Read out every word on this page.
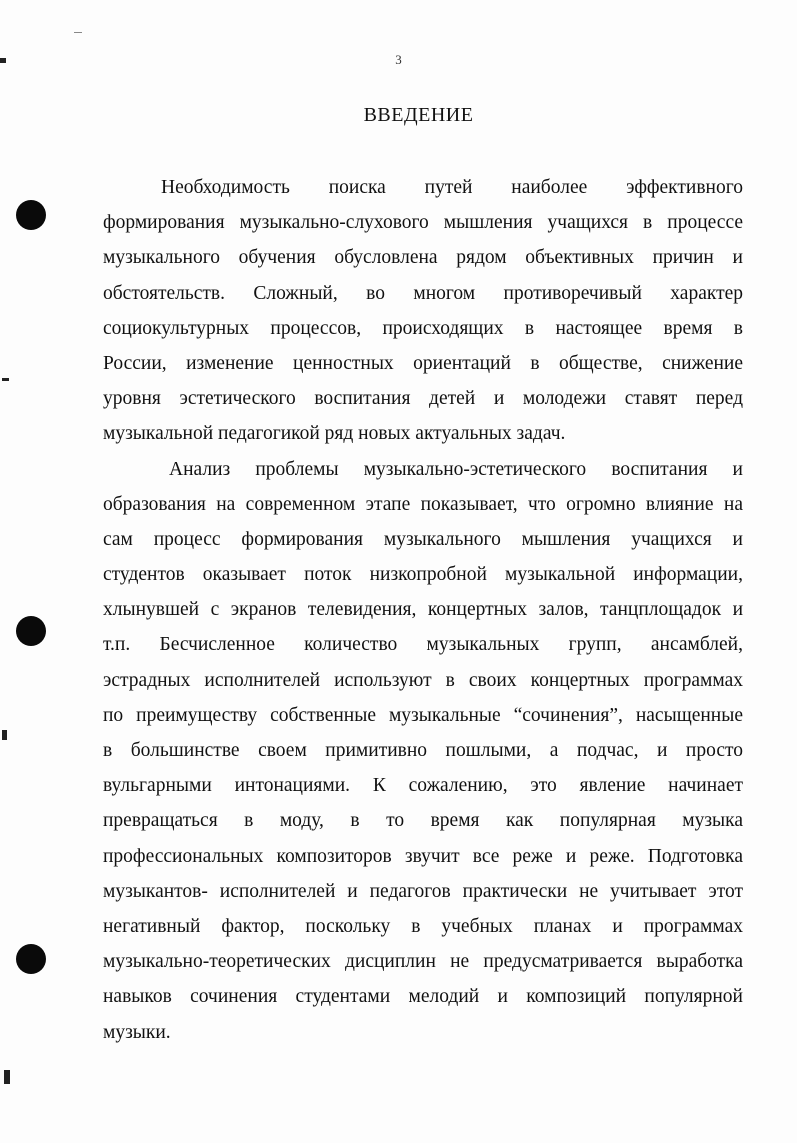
3
ВВЕДЕНИЕ
Необходимость поиска путей наиболее эффективного
формирования музыкально-слухового мышления учащихся в процессе
музыкального обучения обусловлена рядом объективных причин и
обстоятельств. Сложный, во многом противоречивый характер
социокультурных процессов, происходящих в настоящее время в
России, изменение ценностных ориентаций в обществе, снижение
уровня эстетического воспитания детей и молодежи ставят перед
музыкальной педагогикой ряд новых актуальных задач.
Анализ проблемы музыкально-эстетического воспитания и
образования на современном этапе показывает, что огромно влияние на
сам процесс формирования музыкального мышления учащихся и
студентов оказывает поток низкопробной музыкальной информации,
хлынувшей с экранов телевидения, концертных залов, танцплощадок и
т.п. Бесчисленное количество музыкальных групп, ансамблей,
эстрадных исполнителей используют в своих концертных программах
по преимуществу собственные музыкальные “сочинения”, насыщенные
в большинстве своем примитивно пошлыми, а подчас, и просто
вульгарными интонациями. К сожалению, это явление начинает
превращаться в моду, в то время как популярная музыка
профессиональных композиторов звучит все реже и реже. Подготовка
музыкантов- исполнителей и педагогов практически не учитывает этот
негативный фактор, поскольку в учебных планах и программах
музыкально-теоретических дисциплин не предусматривается выработка
навыков сочинения студентами мелодий и композиций популярной
музыки.
